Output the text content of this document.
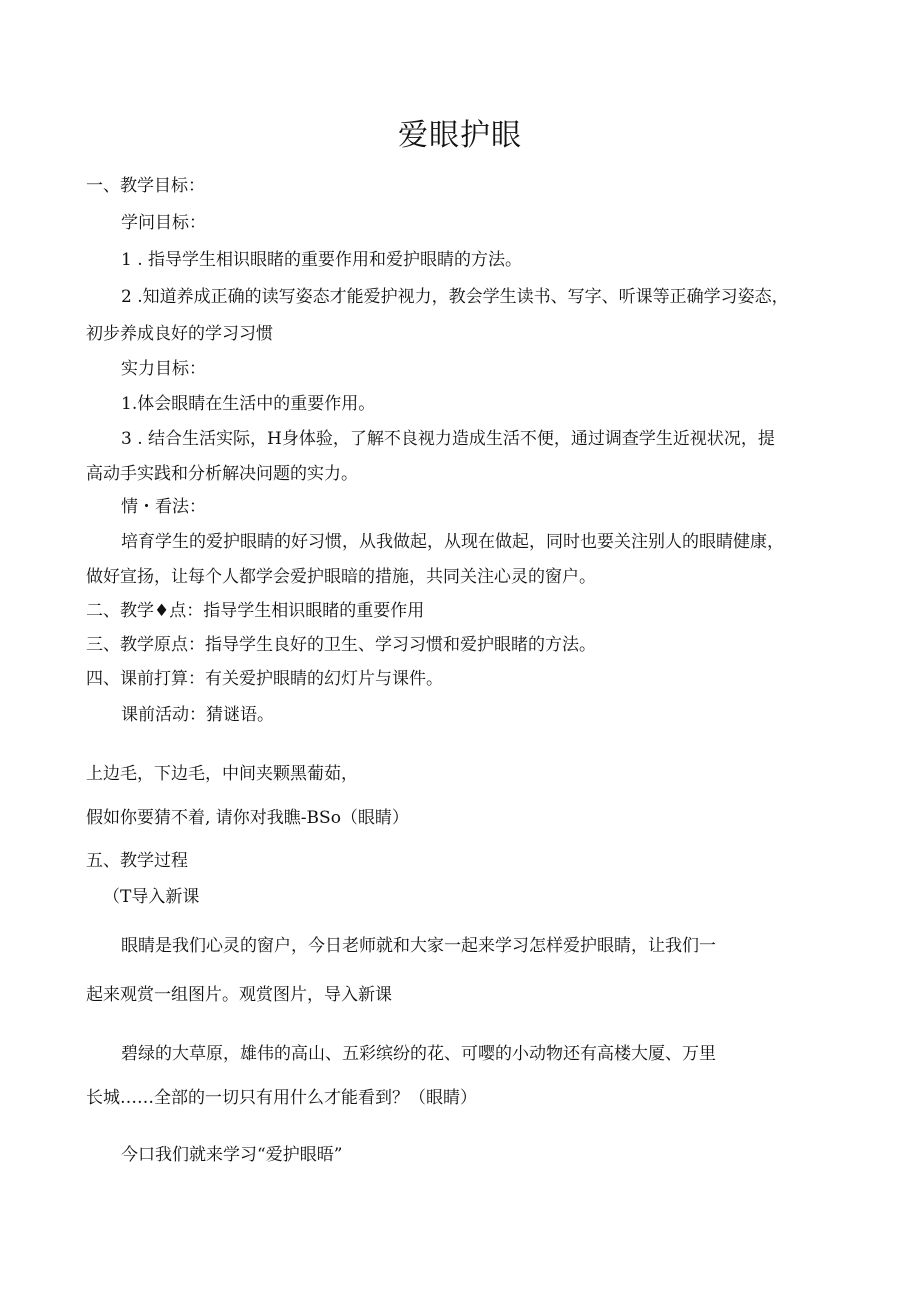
爱眼护眼
一、教学目标：
学问目标：
1 . 指导学生相识眼睹的重要作用和爱护眼睛的方法。
2 .知道养成正确的读写姿态才能爱护视力，教会学生读书、写字、听课等正确学习姿态，
初步养成良好的学习习惯
实力目标：
1.体会眼睛在生活中的重要作用。
3 . 结合生活实际，H身体验，了解不良视力造成生活不便，通过调查学生近视状况，提
高动手实践和分析解决问题的实力。
情・看法：
培育学生的爱护眼睛的好习惯，从我做起，从现在做起，同时也要关注别人的眼睛健康，
做好宣扬，让每个人都学会爱护眼暗的措施，共同关注心灵的窗户。
二、教学♦点：指导学生相识眼睹的重要作用
三、教学原点：指导学生良好的卫生、学习习惯和爱护眼睹的方法。
四、课前打算：有关爱护眼睛的幻灯片与课件。
课前活动：猜谜语。
上边毛，下边毛，中间夹颗黑葡茹，
假如你要猜不着, 请你对我瞧-BSo（眼睛）
五、教学过程
（T导入新课
眼睛是我们心灵的窗户，今日老师就和大家一起来学习怎样爱护眼睛，让我们一
起来观赏一组图片。观赏图片，导入新课
碧绿的大草原，雄伟的高山、五彩缤纷的花、可嘤的小动物还有高楼大厦、万里
长城……全部的一切只有用什么才能看到？（眼睛）
今口我们就来学习“爱护眼晤”
